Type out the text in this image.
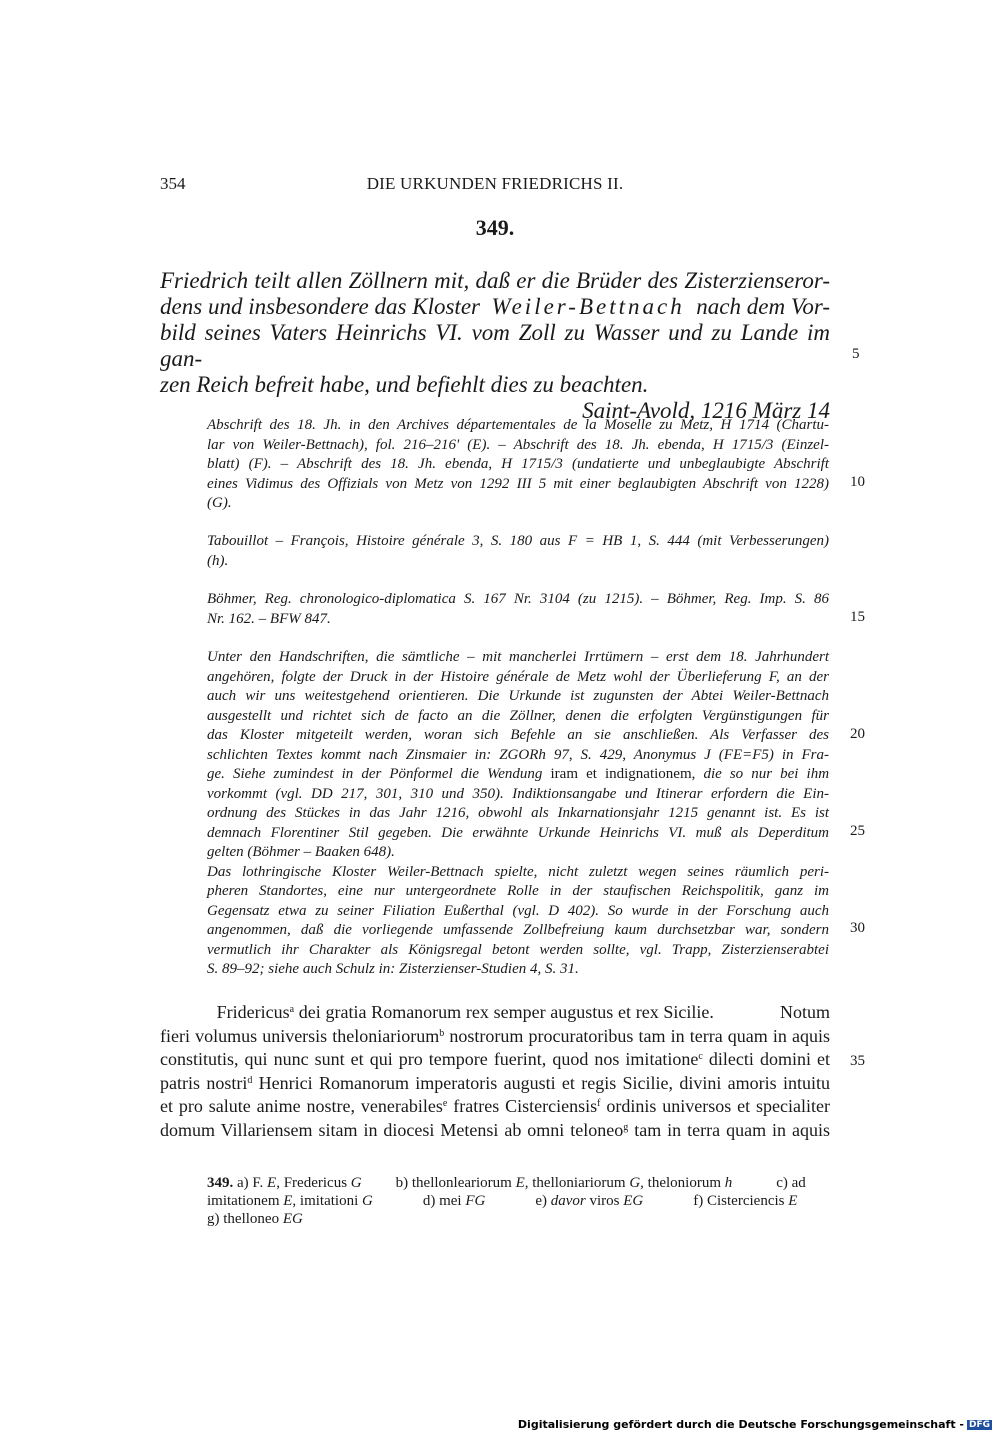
354	DIE URKUNDEN FRIEDRICHS II.
349.
Friedrich teilt allen Zöllnern mit, daß er die Brüder des Zisterzienseror-
dens und insbesondere das Kloster Weiler-Bettnach nach dem Vor-
bild seines Vaters Heinrichs VI. vom Zoll zu Wasser und zu Lande im gan-
zen Reich befreit habe, und befiehlt dies zu beachten.
Saint-Avold, 1216 März 14
5
Abschrift des 18. Jh. in den Archives départementales de la Moselle zu Metz, H 1714 (Chartu-
lar von Weiler-Bettnach), fol. 216–216' (E). – Abschrift des 18. Jh. ebenda, H 1715/3 (Einzel-
blatt) (F). – Abschrift des 18. Jh. ebenda, H 1715/3 (undatierte und unbeglaubigte Abschrift
eines Vidimus des Offizials von Metz von 1292 III 5 mit einer beglaubigten Abschrift von 1228)
(G).
10
Tabouillot – François, Histoire générale 3, S. 180 aus F = HB 1, S. 444 (mit Verbesserungen)
(h).
Böhmer, Reg. chronologico-diplomatica S. 167 Nr. 3104 (zu 1215). – Böhmer, Reg. Imp. S. 86
Nr. 162. – BFW 847.	15
Unter den Handschriften, die sämtliche – mit mancherlei Irrtümern – erst dem 18. Jahrhundert
angehören, folgte der Druck in der Histoire générale de Metz wohl der Überlieferung F, an der
auch wir uns weitestgehend orientieren. Die Urkunde ist zugunsten der Abtei Weiler-Bettnach
ausgestellt und richtet sich de facto an die Zöllner, denen die erfolgten Vergünstigungen für
das Kloster mitgeteilt werden, woran sich Befehle an sie anschließen. Als Verfasser des
schlichten Textes kommt nach Zinsmaier in: ZGORh 97, S. 429, Anonymus J (FE=F5) in Fra-
ge. Siehe zumindest in der Pönformel die Wendung iram et indignationem, die so nur bei ihm
vorkommt (vgl. DD 217, 301, 310 und 350). Indiktionsangabe und Itinerar erfordern die Ein-
ordnung des Stückes in das Jahr 1216, obwohl als Inkarnationsjahr 1215 genannt ist. Es ist
demnach Florentiner Stil gegeben. Die erwähnte Urkunde Heinrichs VI. muß als Deperditum
gelten (Böhmer – Baaken 648).
Das lothringische Kloster Weiler-Bettnach spielte, nicht zuletzt wegen seines räumlich peri-
pheren Standortes, eine nur untergeordnete Rolle in der staufischen Reichspolitik, ganz im
Gegensatz etwa zu seiner Filiation Eußerthal (vgl. D 402). So wurde in der Forschung auch
angenommen, daß die vorliegende umfassende Zollbefreiung kaum durchsetzbar war, sondern
vermutlich ihr Charakter als Königsregal betont werden sollte, vgl. Trapp, Zisterzienserabtei
S. 89–92; siehe auch Schulz in: Zisterzienser-Studien 4, S. 31.
20
25
30
Fridericus$^a$ dei gratia Romanorum rex semper augustus et rex Sicilie.	Notum
fieri volumus universis theloniariorum$^b$ nostrorum procuratoribus tam in terra quam in aquis
constitutis, qui nunc sunt et qui pro tempore fuerint, quod nos imitatione$^c$ dilecti domini et
patris nostri$^d$ Henrici Romanorum imperatoris augusti et regis Sicilie, divini amoris intuitu
et pro salute anime nostre, venerabiles$^e$ fratres Cisterciensis$^f$ ordinis universos et specialiter
domum Villariensem sitam in diocesi Metensi ab omni teloneo$^g$ tam in terra quam in aquis
35
349. a) F. E, Fredericus G b) thellonleariorum E, thelloniariorum G, theloniorum h	c) ad
imitationem E, imitationi G	d) mei FG	e) davor viros EG	f) Cisterciencis E
g) thelloneo EG
Digitalisierung gefördert durch die Deutsche Forschungsgemeinschaft - DFG
